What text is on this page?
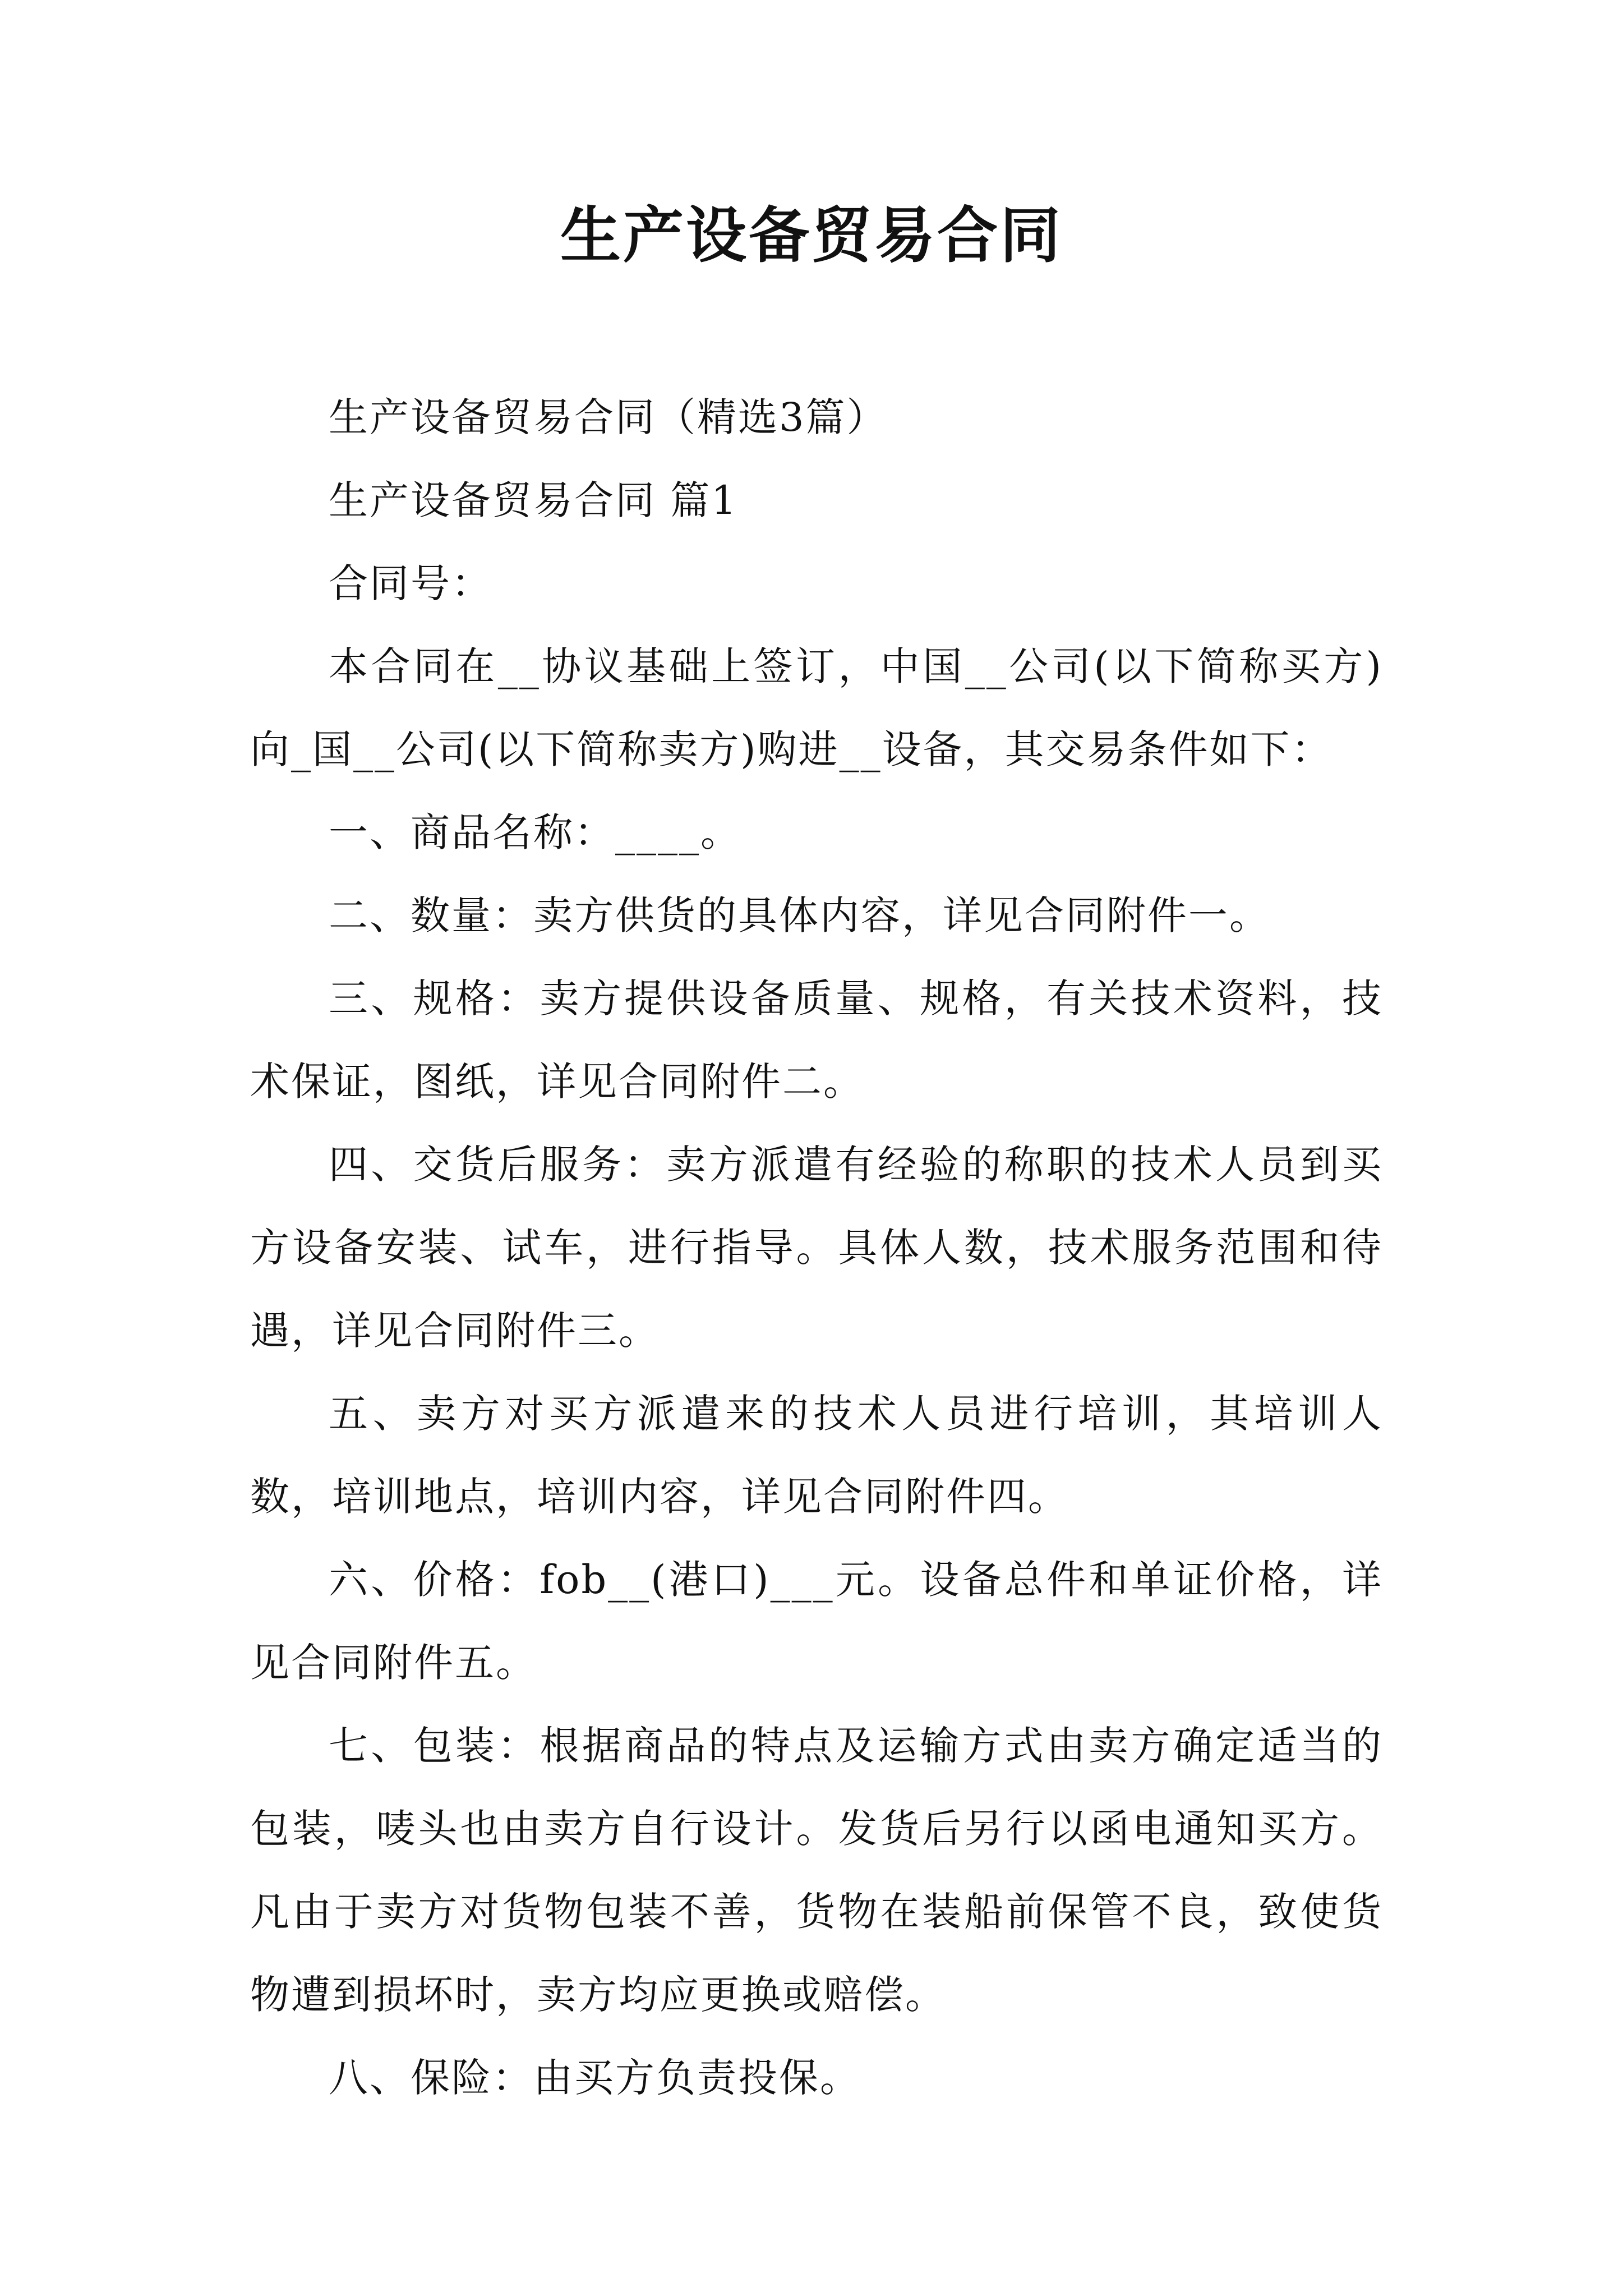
生产设备贸易合同

生产设备贸易合同（精选3篇）

生产设备贸易合同 篇1

合同号：

本合同在__协议基础上签订，中国__公司(以下简称买方)向_国__公司(以下简称卖方)购进__设备，其交易条件如下：

一、商品名称：____。

二、数量：卖方供货的具体内容，详见合同附件一。

三、规格：卖方提供设备质量、规格，有关技术资料，技术保证，图纸，详见合同附件二。

四、交货后服务：卖方派遣有经验的称职的技术人员到买方设备安装、试车，进行指导。具体人数，技术服务范围和待遇，详见合同附件三。

五、卖方对买方派遣来的技术人员进行培训，其培训人数，培训地点，培训内容，详见合同附件四。

六、价格：fob__(港口)___元。设备总件和单证价格，详见合同附件五。

七、包装：根据商品的特点及运输方式由卖方确定适当的包装，唛头也由卖方自行设计。发货后另行以函电通知买方。凡由于卖方对货物包装不善，货物在装船前保管不良，致使货物遭到损坏时，卖方均应更换或赔偿。

八、保险：由买方负责投保。
